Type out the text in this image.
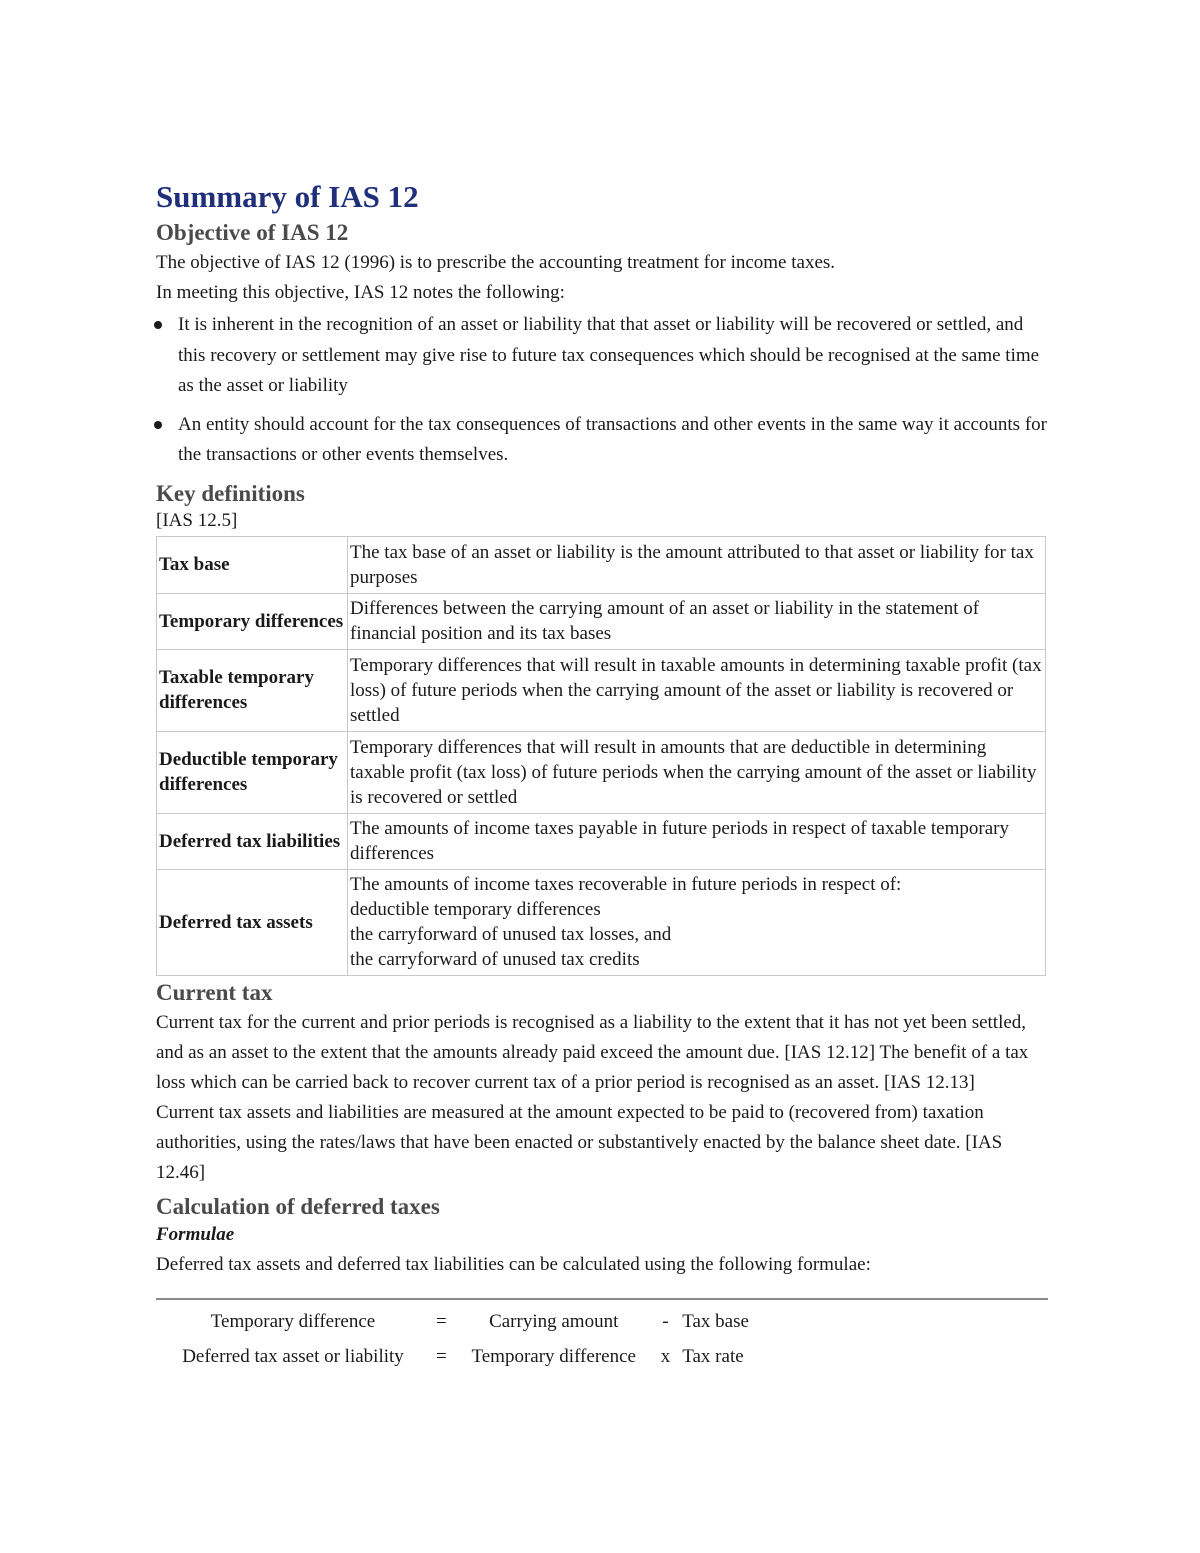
Summary of IAS 12
Objective of IAS 12

The objective of IAS 12 (1996) is to prescribe the accounting treatment for income taxes.

In meeting this objective, IAS 12 notes the following:

It is inherent in the recognition of an asset or liability that that asset or liability will be recovered or settled, and this recovery or settlement may give rise to future tax consequences which should be recognised at the same time as the asset or liability
An entity should account for the tax consequences of transactions and other events in the same way it accounts for the transactions or other events themselves.
Key definitions
[IAS 12.5]
Tax base	The tax base of an asset or liability is the amount attributed to that asset or liability for tax purposes

Temporary differences	Differences between the carrying amount of an asset or liability in the statement of financial position and its tax bases

Taxable temporary differences	Temporary differences that will result in taxable amounts in determining taxable profit (tax loss) of future periods when the carrying amount of the asset or liability is recovered or settled

Deductible temporary differences	Temporary differences that will result in amounts that are deductible in determining taxable profit (tax loss) of future periods when the carrying amount of the asset or liability is recovered or settled

Deferred tax liabilities	The amounts of income taxes payable in future periods in respect of taxable temporary differences

Deferred tax assets	The amounts of income taxes recoverable in future periods in respect of:
deductible temporary differences
the carryforward of unused tax losses, and
the carryforward of unused tax credits
Current tax

Current tax for the current and prior periods is recognised as a liability to the extent that it has not yet been settled, and as an asset to the extent that the amounts already paid exceed the amount due. [IAS 12.12] The benefit of a tax loss which can be carried back to recover current tax of a prior period is recognised as an asset. [IAS 12.13]

Current tax assets and liabilities are measured at the amount expected to be paid to (recovered from) taxation authorities, using the rates/laws that have been enacted or substantively enacted by the balance sheet date. [IAS 12.46]

Calculation of deferred taxes
Formulae

Deferred tax assets and deferred tax liabilities can be calculated using the following formulae:

Temporary difference	=	Carrying amount	-	Tax base
Deferred tax asset or liability	=	Temporary difference	x	Tax rate
